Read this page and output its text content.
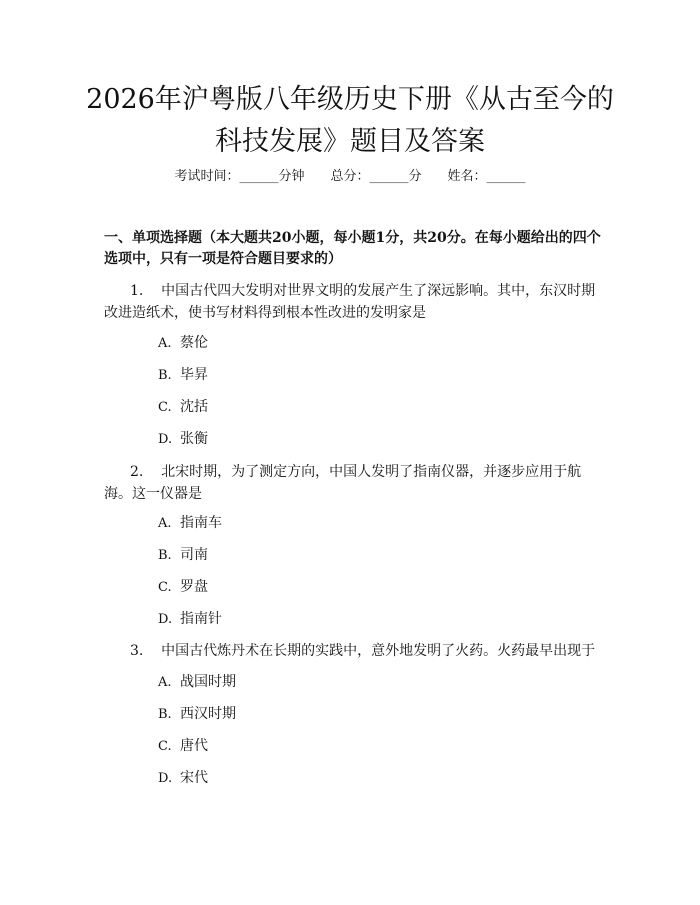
2026年沪粤版八年级历史下册《从古至今的
科技发展》题目及答案
考试时间：______分钟 总分：______分 姓名：______

一、单项选择题（本大题共20小题，每小题1分，共20分。在每小题给出的四个选项中，只有一项是符合题目要求的）

1. 中国古代四大发明对世界文明的发展产生了深远影响。其中，东汉时期改进造纸术，使书写材料得到根本性改进的发明家是

A. 蔡伦
B. 毕昇
C. 沈括
D. 张衡

2. 北宋时期，为了测定方向，中国人发明了指南仪器，并逐步应用于航海。这一仪器是

A. 指南车
B. 司南
C. 罗盘
D. 指南针

3. 中国古代炼丹术在长期的实践中，意外地发明了火药。火药最早出现于

A. 战国时期
B. 西汉时期
C. 唐代
D. 宋代
